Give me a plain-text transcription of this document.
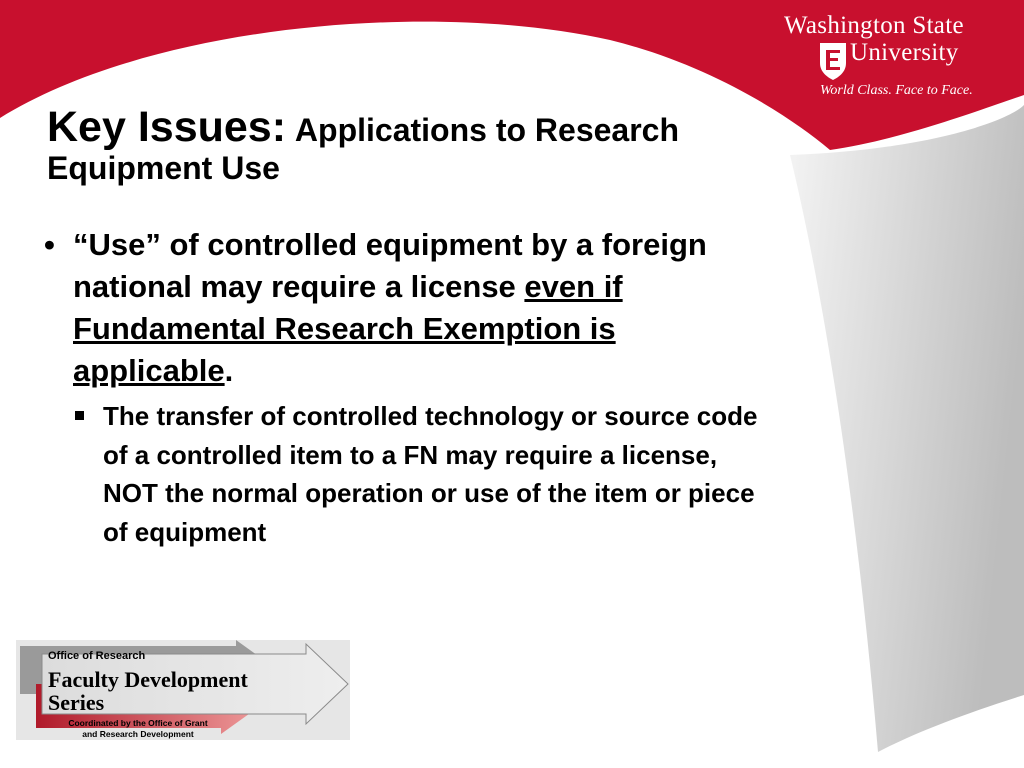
Washington State
University
World Class. Face to Face.
Key Issues: Applications to Research
Equipment Use
• “Use” of controlled equipment by a foreign national may require a license even if Fundamental Research Exemption is applicable.
The transfer of controlled technology or source code of a controlled item to a FN may require a license, NOT the normal operation or use of the item or piece of equipment
Office of Research
Faculty Development
Series
Coordinated by the Office of Grant
and Research Development
